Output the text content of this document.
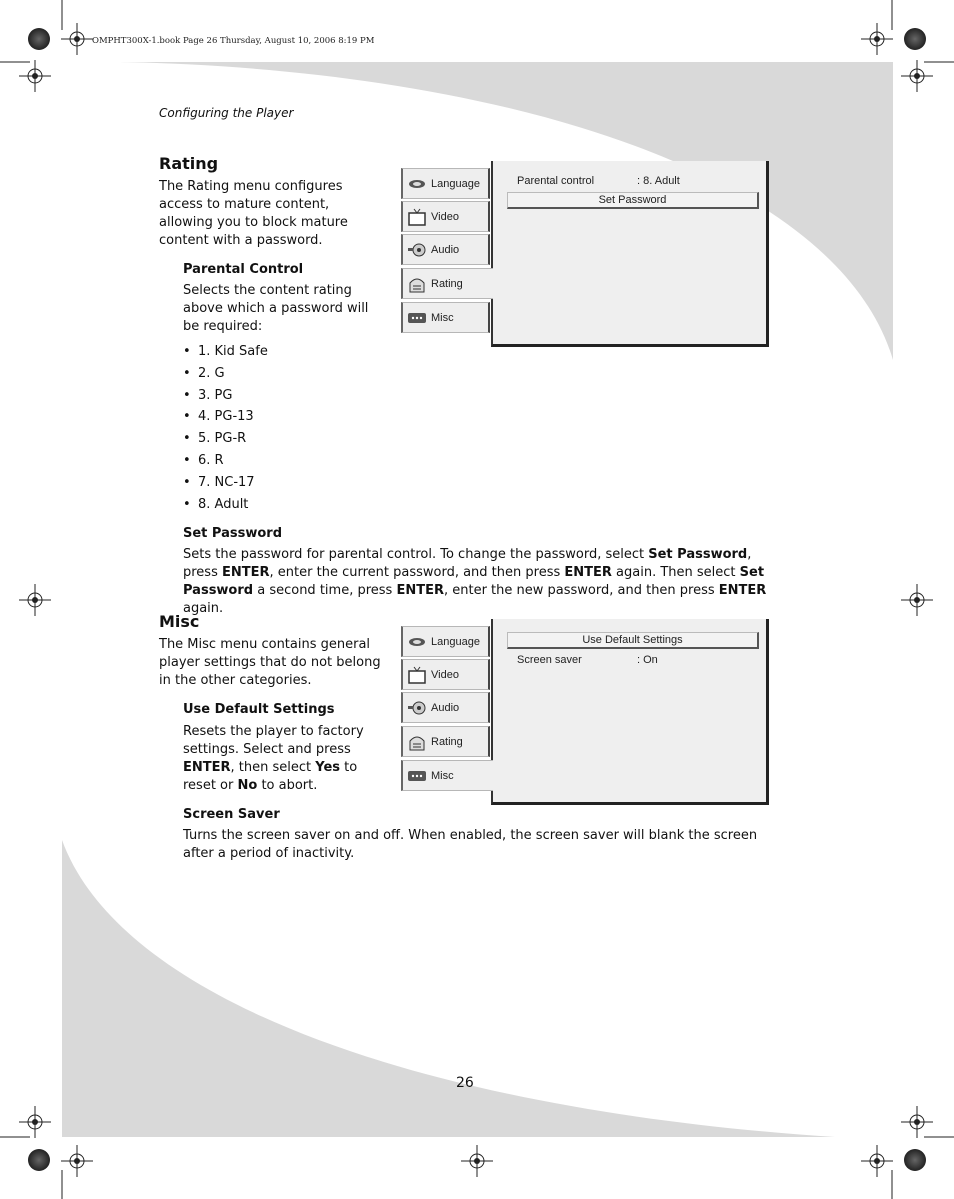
OMPHT300X-1.book Page 26 Thursday, August 10, 2006 8:19 PM
Configuring the Player
Rating

The Rating menu configures access to mature content, allowing you to block mature content with a password.

Parental Control

Selects the content rating above which a password will be required:

• 1. Kid Safe
• 2. G
• 3. PG
• 4. PG-13
• 5. PG-R
• 6. R
• 7. NC-17
• 8. Adult
Set Password

Sets the password for parental control. To change the password, select Set Password, press ENTER, enter the current password, and then press ENTER again. Then select Set Password a second time, press ENTER, enter the new password, and then press ENTER again.

Language
Video
Audio
Rating
Misc
Parental control	: 8. Adult
Set Password
Misc

The Misc menu contains general player settings that do not belong in the other categories.

Use Default Settings

Resets the player to factory settings. Select and press ENTER, then select Yes to reset or No to abort.

Screen Saver

Turns the screen saver on and off. When enabled, the screen saver will blank the screen after a period of inactivity.

Language
Video
Audio
Rating
Misc
Use Default Settings
Screen saver	: On
26
